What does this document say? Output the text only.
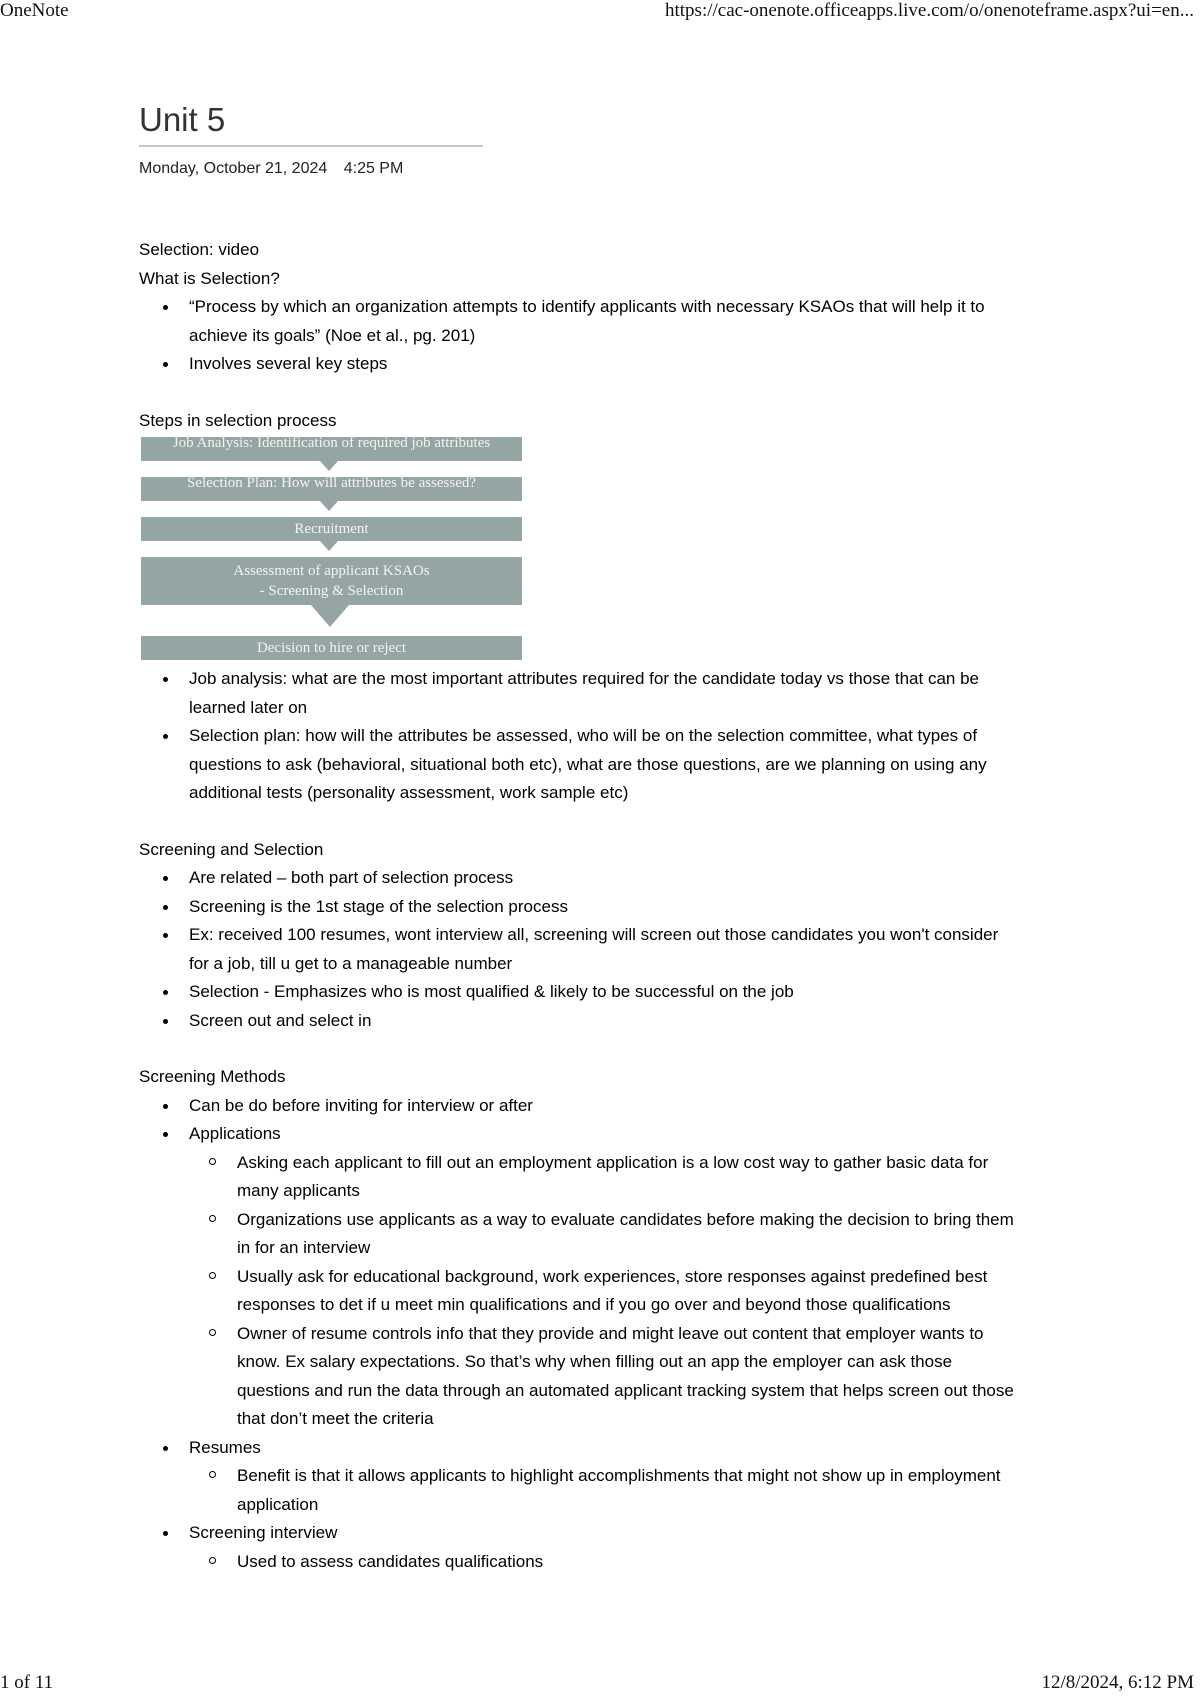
OneNote	https://cac-onenote.officeapps.live.com/o/onenoteframe.aspx?ui=en...
Unit 5
Monday, October 21, 2024 4:25 PM

Selection: video

What is Selection?

“Process by which an organization attempts to identify applicants with necessary KSAOs that will help it to achieve its goals” (Noe et al., pg. 201)
Involves several key steps

Steps in selection process

Job Analysis: Identification of required job attributes
Selection Plan: How will attributes be assessed?
Recruitment
Assessment of applicant KSAOs
- Screening & Selection
Decision to hire or reject
Job analysis: what are the most important attributes required for the candidate today vs those that can be learned later on
Selection plan: how will the attributes be assessed, who will be on the selection committee, what types of questions to ask (behavioral, situational both etc), what are those questions, are we planning on using any additional tests (personality assessment, work sample etc)

Screening and Selection

Are related – both part of selection process
Screening is the 1st stage of the selection process
Ex: received 100 resumes, wont interview all, screening will screen out those candidates you won't consider for a job, till u get to a manageable number
Selection - Emphasizes who is most qualified & likely to be successful on the job
Screen out and select in

Screening Methods

Can be do before inviting for interview or after
Applications
Asking each applicant to fill out an employment application is a low cost way to gather basic data for many applicants
Organizations use applicants as a way to evaluate candidates before making the decision to bring them in for an interview
Usually ask for educational background, work experiences, store responses against predefined best responses to det if u meet min qualifications and if you go over and beyond those qualifications
Owner of resume controls info that they provide and might leave out content that employer wants to know. Ex salary expectations. So that’s why when filling out an app the employer can ask those questions and run the data through an automated applicant tracking system that helps screen out those that don’t meet the criteria
Resumes
Benefit is that it allows applicants to highlight accomplishments that might not show up in employment application
Screening interview
Used to assess candidates qualifications
1 of 11	12/8/2024, 6:12 PM
